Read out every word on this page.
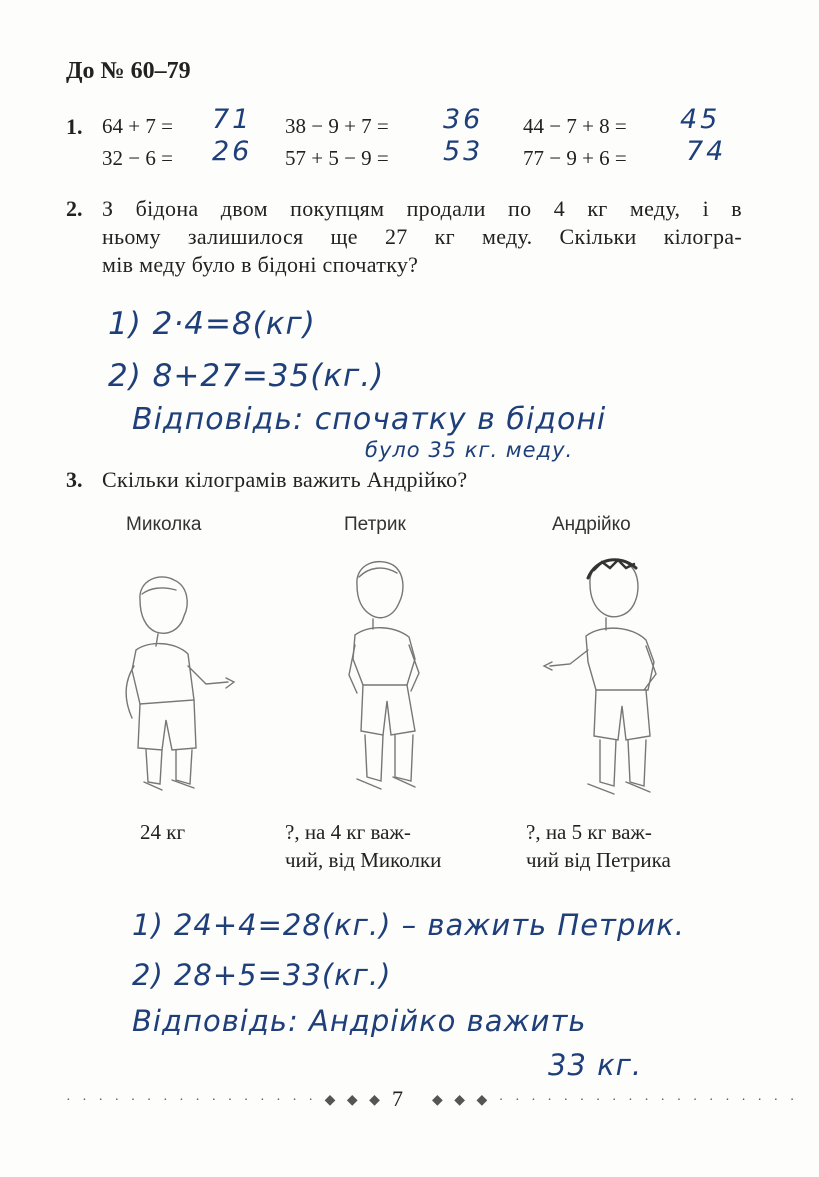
До № 60–79
1. 64 + 7 = 71 38 − 9 + 7 = 36 44 − 7 + 8 = 45
32 − 6 = 26 57 + 5 − 9 = 53 77 − 9 + 6 = 74
2. З бідона двом покупцям продали по 4 кг меду, і в
ньому залишилося ще 27 кг меду. Скільки кілогра-
мів меду було в бідоні спочатку?
1) 2·4=8(кг)
2) 8+27=35(кг.)
Відповідь: спочатку в бідоні
було 35 кг. меду.
3. Скільки кілограмів важить Андрійко?
Миколка	Петрик	Андрійко
24 кг	?, на 4 кг важ-
чий, від Миколки
?, на 5 кг важ-
чий від Петрика
1) 24+4=28(кг.) – важить Петрик.
2) 28+5=33(кг.)
Відповідь: Андрійко важить
33 кг.
· · · · · · · · · · · · · · · · ◆ ◆ ◆ 7 ◆ ◆ ◆ · · · · · · · · · · · · · · · · · · ·
